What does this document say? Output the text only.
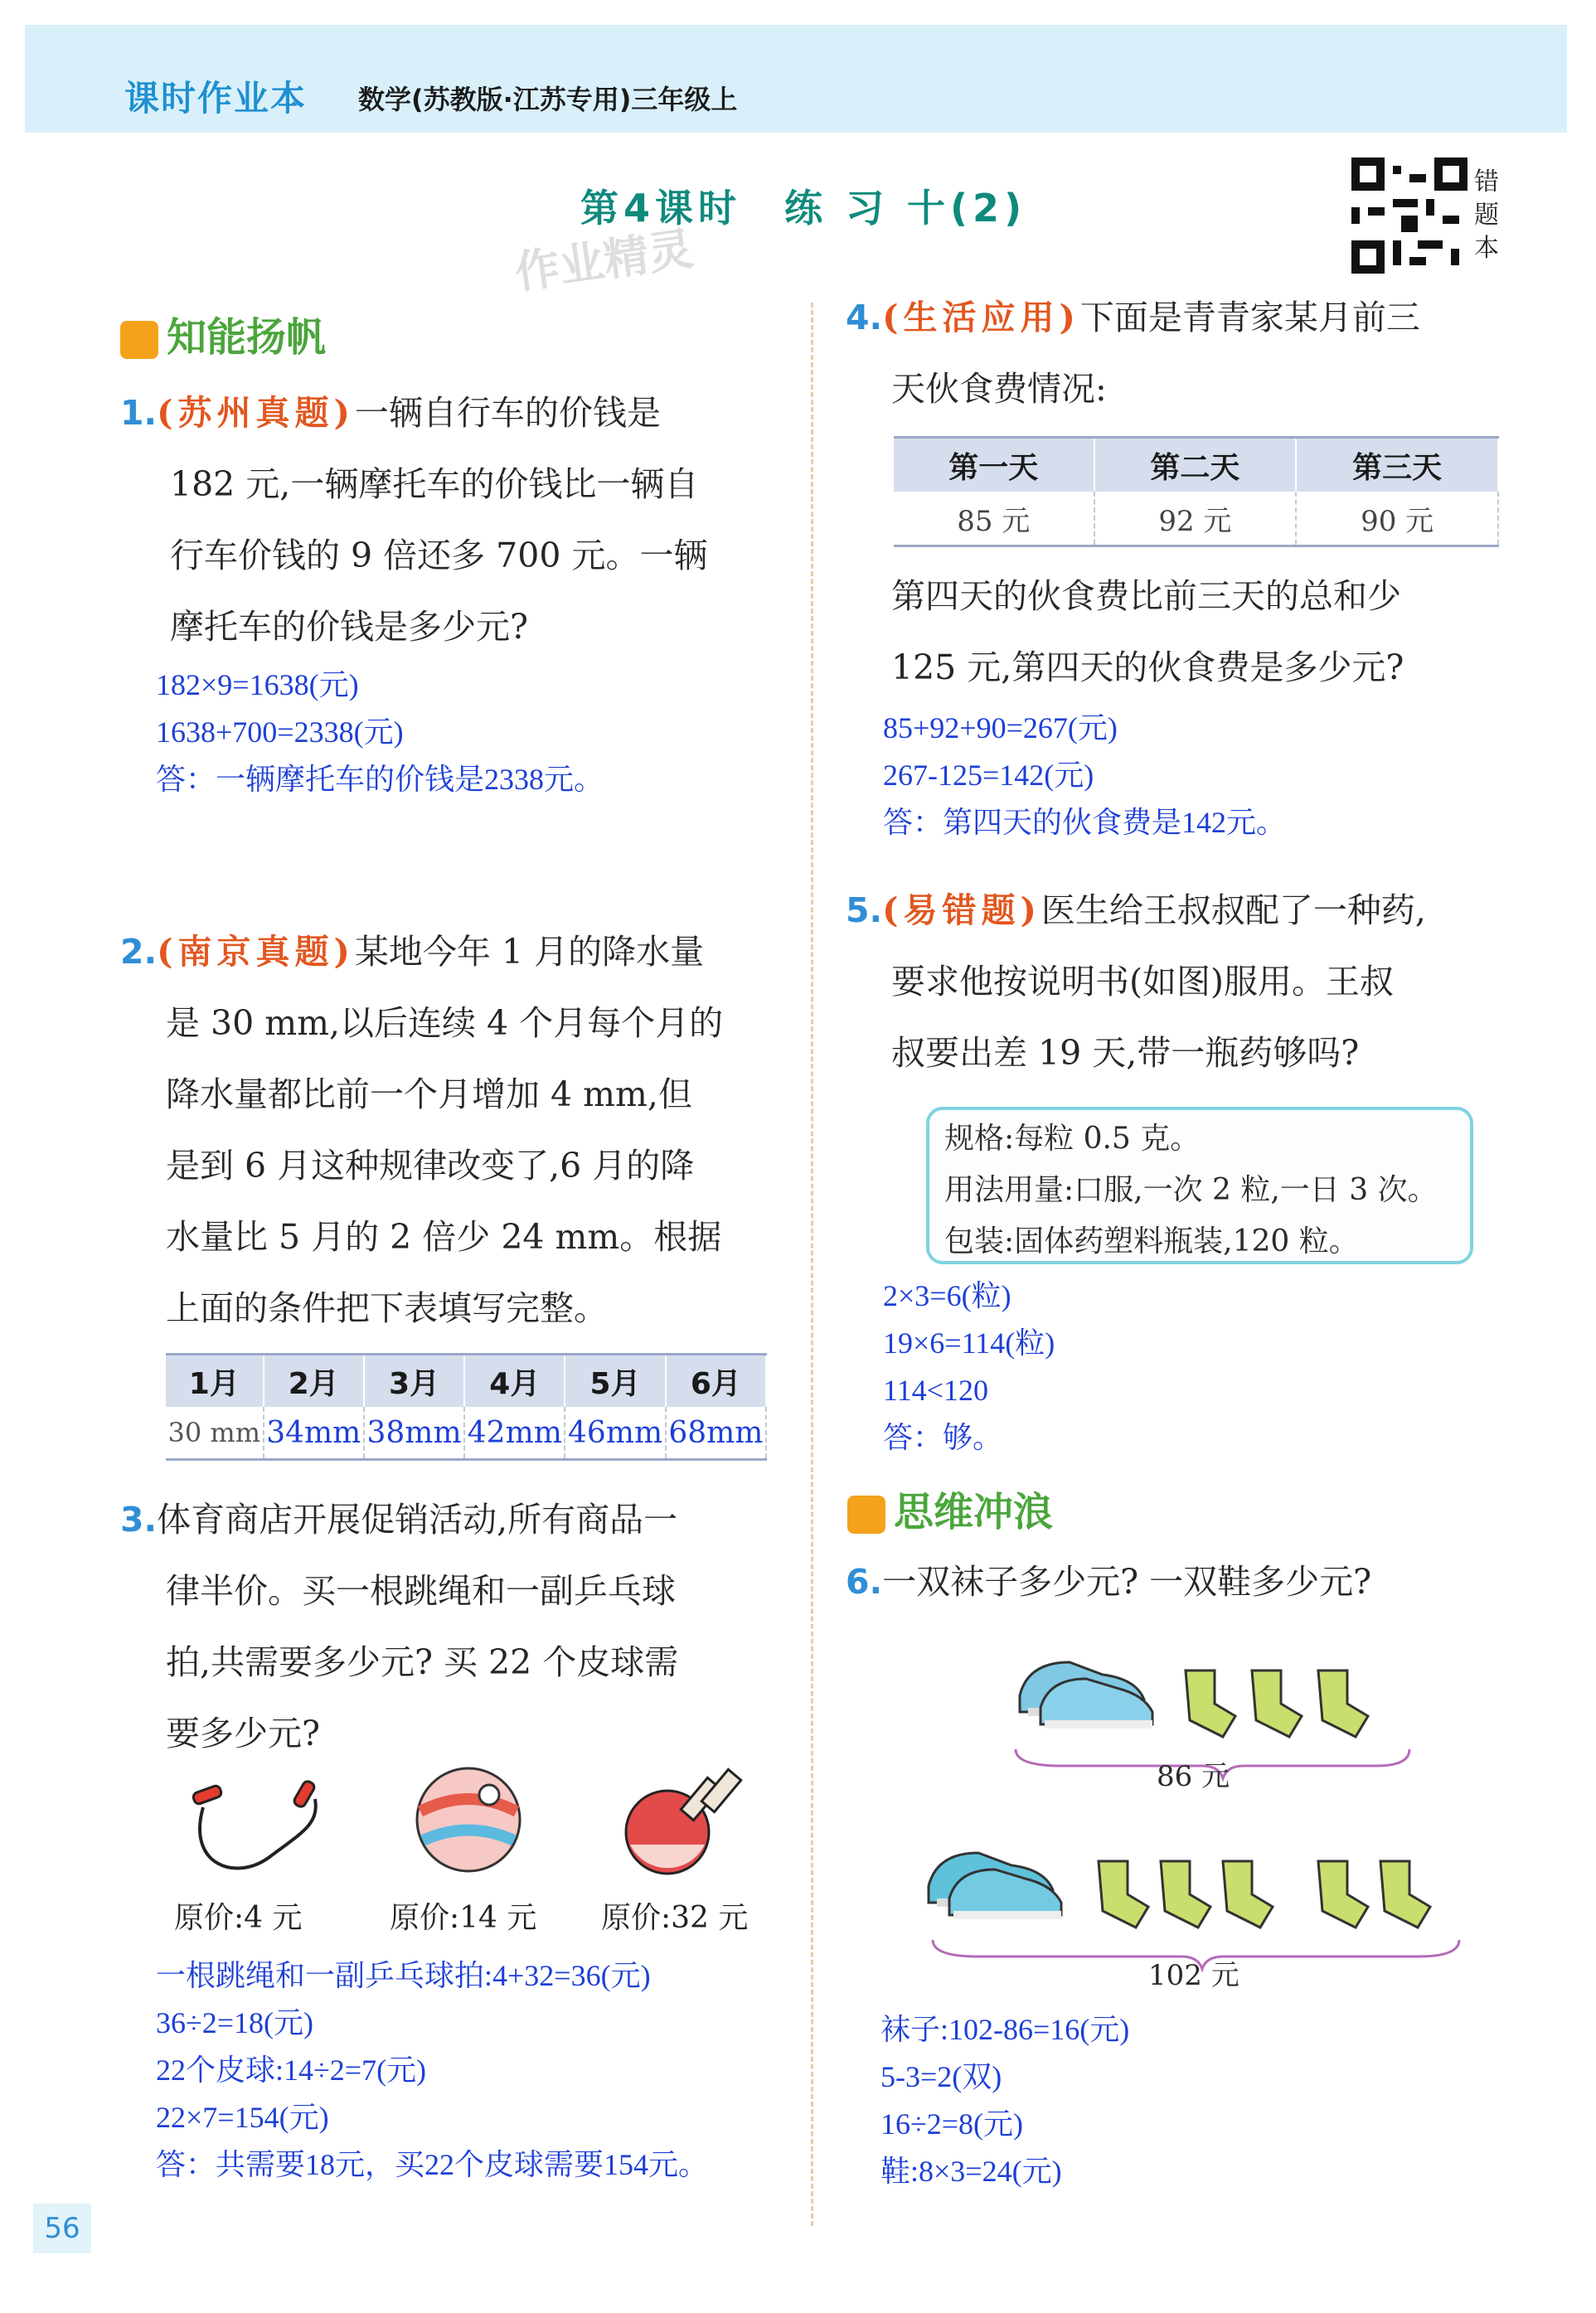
课时作业本 数学(苏教版·江苏专用)三年级上
第4课时　练 习 十(2)
作业精灵
错
题
本
知能扬帆
1.(苏州真题)一辆自行车的价钱是
182 元,一辆摩托车的价钱比一辆自
行车价钱的 9 倍还多 700 元。一辆
摩托车的价钱是多少元?
182×9=1638(元)
1638+700=2338(元)
答：一辆摩托车的价钱是2338元。
2.(南京真题)某地今年 1 月的降水量
是 30 mm,以后连续 4 个月每个月的
降水量都比前一个月增加 4 mm,但
是到 6 月这种规律改变了,6 月的降
水量比 5 月的 2 倍少 24 mm。根据
上面的条件把下表填写完整。
1月	2月	3月	4月	5月	6月
30 mm	34mm	38mm	42mm	46mm	68mm
3.体育商店开展促销活动,所有商品一
律半价。买一根跳绳和一副乒乓球
拍,共需要多少元? 买 22 个皮球需
要多少元?
原价:4 元	原价:14 元 原价:32 元
一根跳绳和一副乒乓球拍:4+32=36(元)
36÷2=18(元)
22个皮球:14÷2=7(元)
22×7=154(元)
答：共需要18元，买22个皮球需要154元。
4.(生活应用)下面是青青家某月前三
天伙食费情况:
第一天	第二天	第三天
85 元	92 元	90 元
第四天的伙食费比前三天的总和少
125 元,第四天的伙食费是多少元?
85+92+90=267(元)
267-125=142(元)
答：第四天的伙食费是142元。
5.(易错题)医生给王叔叔配了一种药,
要求他按说明书(如图)服用。王叔
叔要出差 19 天,带一瓶药够吗?
规格:每粒 0.5 克。
用法用量:口服,一次 2 粒,一日 3 次。
包装:固体药塑料瓶装,120 粒。
2×3=6(粒)
19×6=114(粒)
114<120
答：够。
思维冲浪
6.一双袜子多少元? 一双鞋多少元?
86 元
102 元
袜子:102-86=16(元)
5-3=2(双)
16÷2=8(元)
鞋:8×3=24(元)
56
